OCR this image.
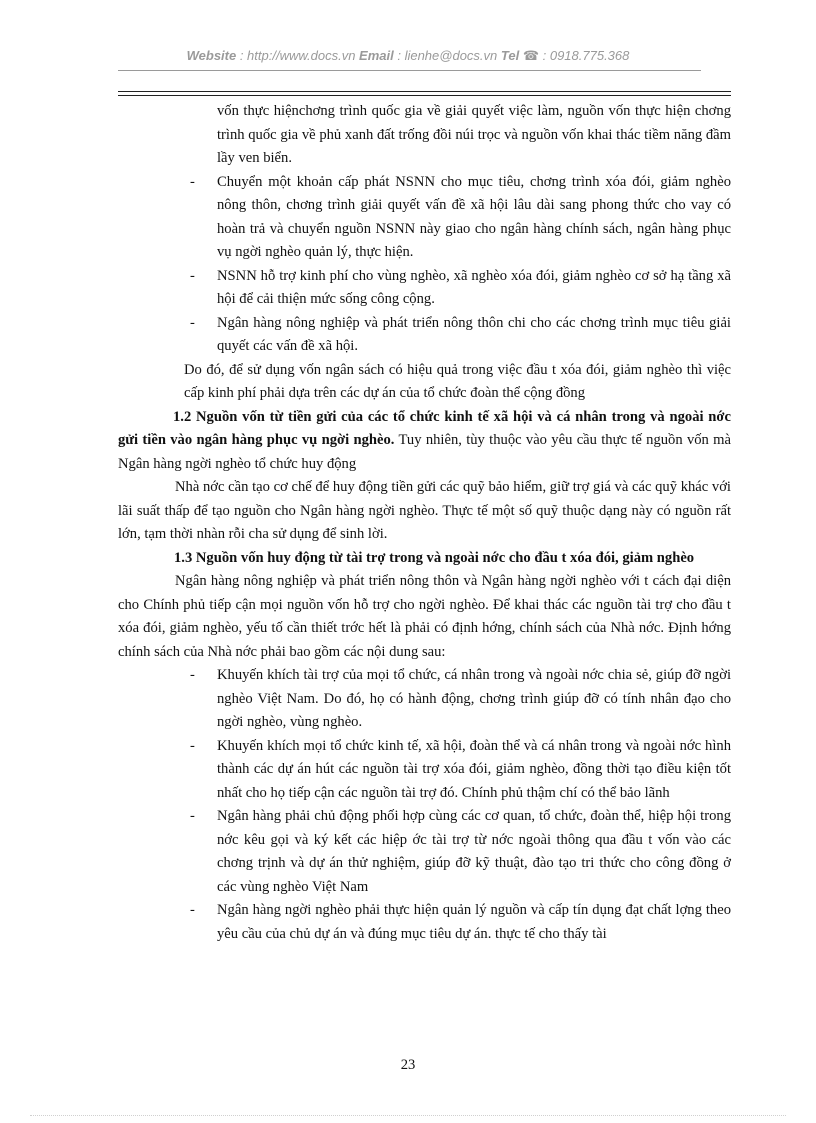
Website : http://www.docs.vn Email : lienhe@docs.vn Tel ☎ : 0918.775.368

vốn thực hiệnchơng trình quốc gia về giải quyết việc làm, nguồn vốn thực hiện chơng trình quốc gia về phủ xanh đất trống đồi núi trọc và nguồn vốn khai thác tiềm năng đầm lầy ven biển.

- Chuyển một khoản cấp phát NSNN cho mục tiêu, chơng trình xóa đói, giảm nghèo nông thôn, chơng trình giải quyết vấn đề xã hội lâu dài sang phong thức cho vay có hoàn trả và chuyển nguồn NSNN này giao cho ngân hàng chính sách, ngân hàng phục vụ ngời nghèo quản lý, thực hiện.
- NSNN hỗ trợ kinh phí cho vùng nghèo, xã nghèo xóa đói, giảm nghèo cơ sở hạ tầng xã hội để cải thiện mức sống công cộng.
- Ngân hàng nông nghiệp và phát triển nông thôn chi cho các chơng trình mục tiêu giải quyết các vấn đề xã hội.

Do đó, để sử dụng vốn ngân sách có hiệu quả trong việc đầu t xóa đói, giảm nghèo thì việc cấp kinh phí phải dựa trên các dự án của tổ chức đoàn thể cộng đồng

1.2 Nguồn vốn từ tiền gửi của các tổ chức kinh tế xã hội và cá nhân trong và ngoài nớc gửi tiền vào ngân hàng phục vụ ngời nghèo. Tuy nhiên, tùy thuộc vào yêu cầu thực tế nguồn vốn mà Ngân hàng ngời nghèo tổ chức huy động

Nhà nớc cần tạo cơ chế để huy động tiền gửi các quỹ bảo hiểm, giữ trợ giá và các quỹ khác với lãi suất thấp để tạo nguồn cho Ngân hàng ngời nghèo. Thực tế một số quỹ thuộc dạng này có nguồn rất lớn, tạm thời nhàn rỗi cha sử dụng để sinh lời.

1.3 Nguồn vốn huy động từ tài trợ trong và ngoài nớc cho đầu t xóa đói, giảm nghèo

Ngân hàng nông nghiệp và phát triển nông thôn và Ngân hàng ngời nghèo với t cách đại diện cho Chính phủ tiếp cận mọi nguồn vốn hỗ trợ cho ngời nghèo. Để khai thác các nguồn tài trợ cho đầu t xóa đói, giảm nghèo, yếu tố cần thiết trớc hết là phải có định hớng, chính sách của Nhà nớc. Định hớng chính sách của Nhà nớc phải bao gồm các nội dung sau:

- Khuyến khích tài trợ của mọi tổ chức, cá nhân trong và ngoài nớc chia sẻ, giúp đỡ ngời nghèo Việt Nam. Do đó, họ có hành động, chơng trình giúp đỡ có tính nhân đạo cho ngời nghèo, vùng nghèo.
- Khuyến khích mọi tổ chức kinh tế, xã hội, đoàn thể và cá nhân trong và ngoài nớc hình thành các dự án hút các nguồn tài trợ xóa đói, giảm nghèo, đồng thời tạo điều kiện tốt nhất cho họ tiếp cận các nguồn tài trợ đó. Chính phủ thậm chí có thể bảo lãnh
- Ngân hàng phải chủ động phối hợp cùng các cơ quan, tổ chức, đoàn thể, hiệp hội trong nớc kêu gọi và ký kết các hiệp ớc tài trợ từ nớc ngoài thông qua đầu t vốn vào các chơng trịnh và dự án thử nghiệm, giúp đỡ kỹ thuật, đào tạo tri thức cho công đồng ở các vùng nghèo Việt Nam
- Ngân hàng ngời nghèo phải thực hiện quản lý nguồn và cấp tín dụng đạt chất lợng theo yêu cầu của chủ dự án và đúng mục tiêu dự án. thực tế cho thấy tài
23
